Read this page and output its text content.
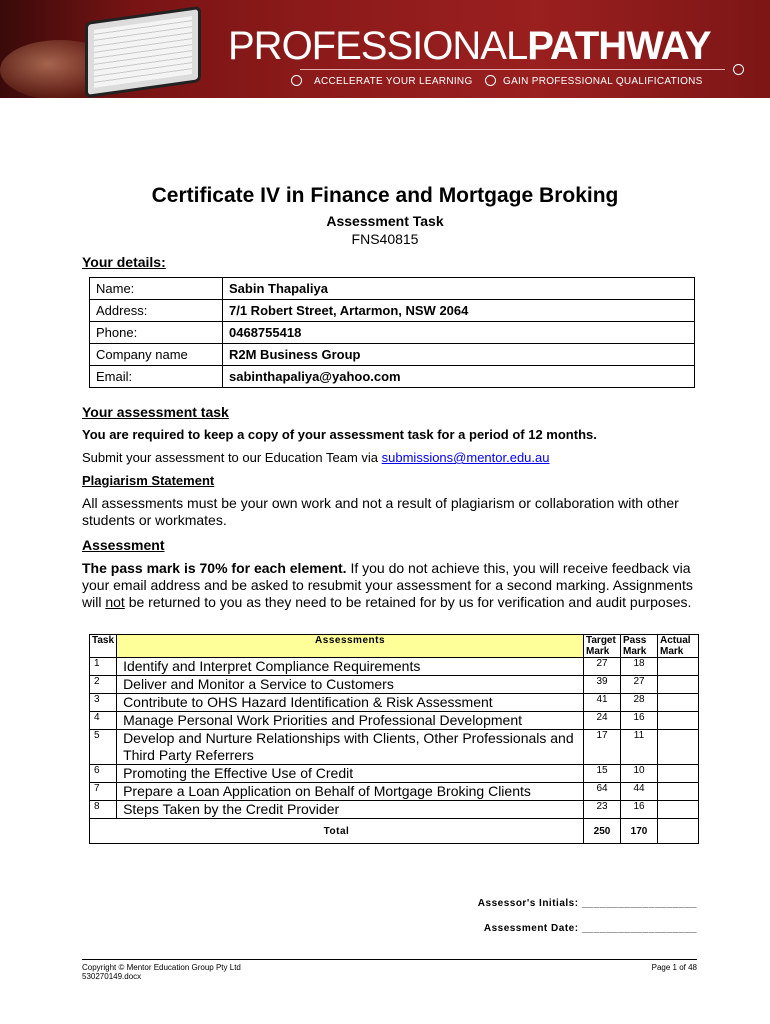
PROFESSIONALPATHWAY
ACCELERATE YOUR LEARNING	GAIN PROFESSIONAL QUALIFICATIONS
Certificate IV in Finance and Mortgage Broking
Assessment Task
FNS40815
Your details:
Name:	Sabin Thapaliya
Address:	7/1 Robert Street, Artarmon, NSW 2064
Phone:	0468755418
Company name	R2M Business Group
Email:	sabinthapaliya@yahoo.com
Your assessment task
You are required to keep a copy of your assessment task for a period of 12 months.
Submit your assessment to our Education Team via submissions@mentor.edu.au
Plagiarism Statement
All assessments must be your own work and not a result of plagiarism or collaboration with other students or workmates.
Assessment
The pass mark is 70% for each element. If you do not achieve this, you will receive feedback via your email address and be asked to resubmit your assessment for a second marking. Assignments will not be returned to you as they need to be retained for by us for verification and audit purposes.
Task	Assessments	Target Mark	Pass Mark	Actual Mark
1	Identify and Interpret Compliance Requirements	27	18	
2	Deliver and Monitor a Service to Customers	39	27	
3	Contribute to OHS Hazard Identification & Risk Assessment	41	28	
4	Manage Personal Work Priorities and Professional Development	24	16	
5	Develop and Nurture Relationships with Clients, Other Professionals and Third Party Referrers	17	11	
6	Promoting the Effective Use of Credit	15	10	
7	Prepare a Loan Application on Behalf of Mortgage Broking Clients	64	44	
8	Steps Taken by the Credit Provider	23	16	
Total		250	170	
Assessor's Initials: ___________________
Assessment Date: ___________________
Copyright © Mentor Education Group Pty Ltd
530270149.docx
Page 1 of 48
